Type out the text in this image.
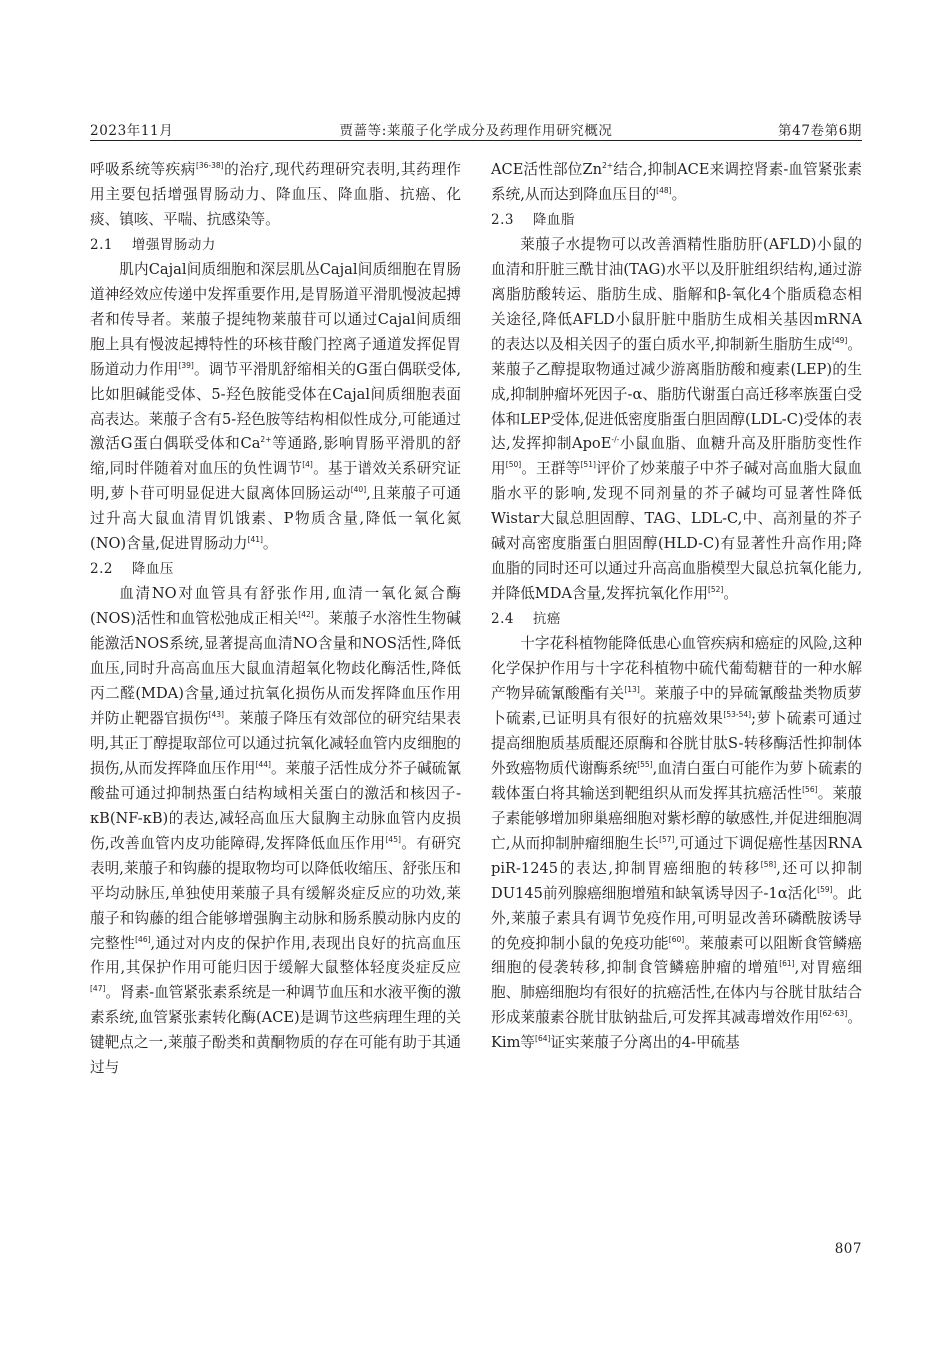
2023年11月	贾蔷等:莱菔子化学成分及药理作用研究概况	第47卷第6期

呼吸系统等疾病[36-38]的治疗,现代药理研究表明,其药理作用主要包括增强胃肠动力、降血压、降血脂、抗癌、化痰、镇咳、平喘、抗感染等。

2.1 增强胃肠动力

肌内Cajal间质细胞和深层肌丛Cajal间质细胞在胃肠道神经效应传递中发挥重要作用,是胃肠道平滑肌慢波起搏者和传导者。莱菔子提纯物莱菔苷可以通过Cajal间质细胞上具有慢波起搏特性的环核苷酸门控离子通道发挥促胃肠道动力作用[39]。调节平滑肌舒缩相关的G蛋白偶联受体,比如胆碱能受体、5-羟色胺能受体在Cajal间质细胞表面高表达。莱菔子含有5-羟色胺等结构相似性成分,可能通过激活G蛋白偶联受体和$Ca^{2+}$等通路,影响胃肠平滑肌的舒缩,同时伴随着对血压的负性调节[4]。基于谱效关系研究证明,萝卜苷可明显促进大鼠离体回肠运动[40],且莱菔子可通过升高大鼠血清胃饥饿素、P物质含量,降低一氧化氮(NO)含量,促进胃肠动力[41]。

2.2 降血压

血清NO对血管具有舒张作用,血清一氧化氮合酶(NOS)活性和血管松弛成正相关[42]。莱菔子水溶性生物碱能激活NOS系统,显著提高血清NO含量和NOS活性,降低血压,同时升高高血压大鼠血清超氧化物歧化酶活性,降低丙二醛(MDA)含量,通过抗氧化损伤从而发挥降血压作用并防止靶器官损伤[43]。莱菔子降压有效部位的研究结果表明,其正丁醇提取部位可以通过抗氧化减轻血管内皮细胞的损伤,从而发挥降血压作用[44]。莱菔子活性成分芥子碱硫氰酸盐可通过抑制热蛋白结构域相关蛋白的激活和核因子-κB(NF-κB)的表达,减轻高血压大鼠胸主动脉血管内皮损伤,改善血管内皮功能障碍,发挥降低血压作用[45]。有研究表明,莱菔子和钩藤的提取物均可以降低收缩压、舒张压和平均动脉压,单独使用莱菔子具有缓解炎症反应的功效,莱菔子和钩藤的组合能够增强胸主动脉和肠系膜动脉内皮的完整性[46],通过对内皮的保护作用,表现出良好的抗高血压作用,其保护作用可能归因于缓解大鼠整体轻度炎症反应[47]。肾素-血管紧张素系统是一种调节血压和水液平衡的激素系统,血管紧张素转化酶(ACE)是调节这些病理生理的关键靶点之一,莱菔子酚类和黄酮物质的存在可能有助于其通过与

ACE活性部位$Zn^{2+}$结合,抑制ACE来调控肾素-血管紧张素系统,从而达到降血压目的[48]。

2.3 降血脂

莱菔子水提物可以改善酒精性脂肪肝(AFLD)小鼠的血清和肝脏三酰甘油(TAG)水平以及肝脏组织结构,通过游离脂肪酸转运、脂肪生成、脂解和β-氧化4个脂质稳态相关途径,降低AFLD小鼠肝脏中脂肪生成相关基因mRNA的表达以及相关因子的蛋白质水平,抑制新生脂肪生成[49]。莱菔子乙醇提取物通过减少游离脂肪酸和瘦素(LEP)的生成,抑制肿瘤坏死因子-α、脂肪代谢蛋白高迁移率族蛋白受体和LEP受体,促进低密度脂蛋白胆固醇(LDL-C)受体的表达,发挥抑制ApoE-/-小鼠血脂、血糖升高及肝脂肪变性作用[50]。王群等[51]评价了炒莱菔子中芥子碱对高血脂大鼠血脂水平的影响,发现不同剂量的芥子碱均可显著性降低Wistar大鼠总胆固醇、TAG、LDL-C,中、高剂量的芥子碱对高密度脂蛋白胆固醇(HLD-C)有显著性升高作用;降血脂的同时还可以通过升高高血脂模型大鼠总抗氧化能力,并降低MDA含量,发挥抗氧化作用[52]。

2.4 抗癌

十字花科植物能降低患心血管疾病和癌症的风险,这种化学保护作用与十字花科植物中硫代葡萄糖苷的一种水解产物异硫氰酸酯有关[13]。莱菔子中的异硫氰酸盐类物质萝卜硫素,已证明具有很好的抗癌效果[53-54];萝卜硫素可通过提高细胞质基质醌还原酶和谷胱甘肽S-转移酶活性抑制体外致癌物质代谢酶系统[55],血清白蛋白可能作为萝卜硫素的载体蛋白将其输送到靶组织从而发挥其抗癌活性[56]。莱菔子素能够增加卵巢癌细胞对紫杉醇的敏感性,并促进细胞凋亡,从而抑制肿瘤细胞生长[57],可通过下调促癌性基因RNA piR-1245的表达,抑制胃癌细胞的转移[58],还可以抑制DU145前列腺癌细胞增殖和缺氧诱导因子-1α活化[59]。此外,莱菔子素具有调节免疫作用,可明显改善环磷酰胺诱导的免疫抑制小鼠的免疫功能[60]。莱菔素可以阻断食管鳞癌细胞的侵袭转移,抑制食管鳞癌肿瘤的增殖[61],对胃癌细胞、肺癌细胞均有很好的抗癌活性,在体内与谷胱甘肽结合形成莱菔素谷胱甘肽钠盐后,可发挥其减毒增效作用[62-63]。Kim等[64]证实莱菔子分离出的4-甲硫基

807
